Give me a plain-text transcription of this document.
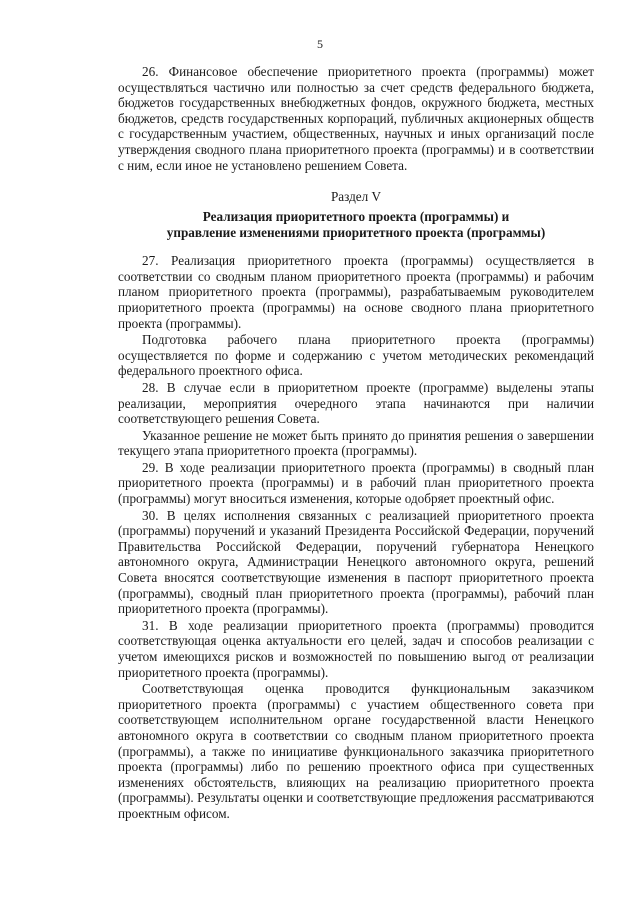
5

26. Финансовое обеспечение приоритетного проекта (программы) может осуществляться частично или полностью за счет средств федерального бюджета, бюджетов государственных внебюджетных фондов, окружного бюджета, местных бюджетов, средств государственных корпораций, публичных акционерных обществ с государственным участием, общественных, научных и иных организаций после утверждения сводного плана приоритетного проекта (программы) и в соответствии с ним, если иное не установлено решением Совета.

Раздел V
Реализация приоритетного проекта (программы) и
управление изменениями приоритетного проекта (программы)

27. Реализация приоритетного проекта (программы) осуществляется в соответствии со сводным планом приоритетного проекта (программы) и рабочим планом приоритетного проекта (программы), разрабатываемым руководителем приоритетного проекта (программы) на основе сводного плана приоритетного проекта (программы).

Подготовка рабочего плана приоритетного проекта (программы) осуществляется по форме и содержанию с учетом методических рекомендаций федерального проектного офиса.

28. В случае если в приоритетном проекте (программе) выделены этапы реализации, мероприятия очередного этапа начинаются при наличии соответствующего решения Совета.

Указанное решение не может быть принято до принятия решения о завершении текущего этапа приоритетного проекта (программы).

29. В ходе реализации приоритетного проекта (программы) в сводный план приоритетного проекта (программы) и в рабочий план приоритетного проекта (программы) могут вноситься изменения, которые одобряет проектный офис.

30. В целях исполнения связанных с реализацией приоритетного проекта (программы) поручений и указаний Президента Российской Федерации, поручений Правительства Российской Федерации, поручений губернатора Ненецкого автономного округа, Администрации Ненецкого автономного округа, решений Совета вносятся соответствующие изменения в паспорт приоритетного проекта (программы), сводный план приоритетного проекта (программы), рабочий план приоритетного проекта (программы).

31. В ходе реализации приоритетного проекта (программы) проводится соответствующая оценка актуальности его целей, задач и способов реализации с учетом имеющихся рисков и возможностей по повышению выгод от реализации приоритетного проекта (программы).

Соответствующая оценка проводится функциональным заказчиком приоритетного проекта (программы) с участием общественного совета при соответствующем исполнительном органе государственной власти Ненецкого автономного округа в соответствии со сводным планом приоритетного проекта (программы), а также по инициативе функционального заказчика приоритетного проекта (программы) либо по решению проектного офиса при существенных изменениях обстоятельств, влияющих на реализацию приоритетного проекта (программы). Результаты оценки и соответствующие предложения рассматриваются проектным офисом.
